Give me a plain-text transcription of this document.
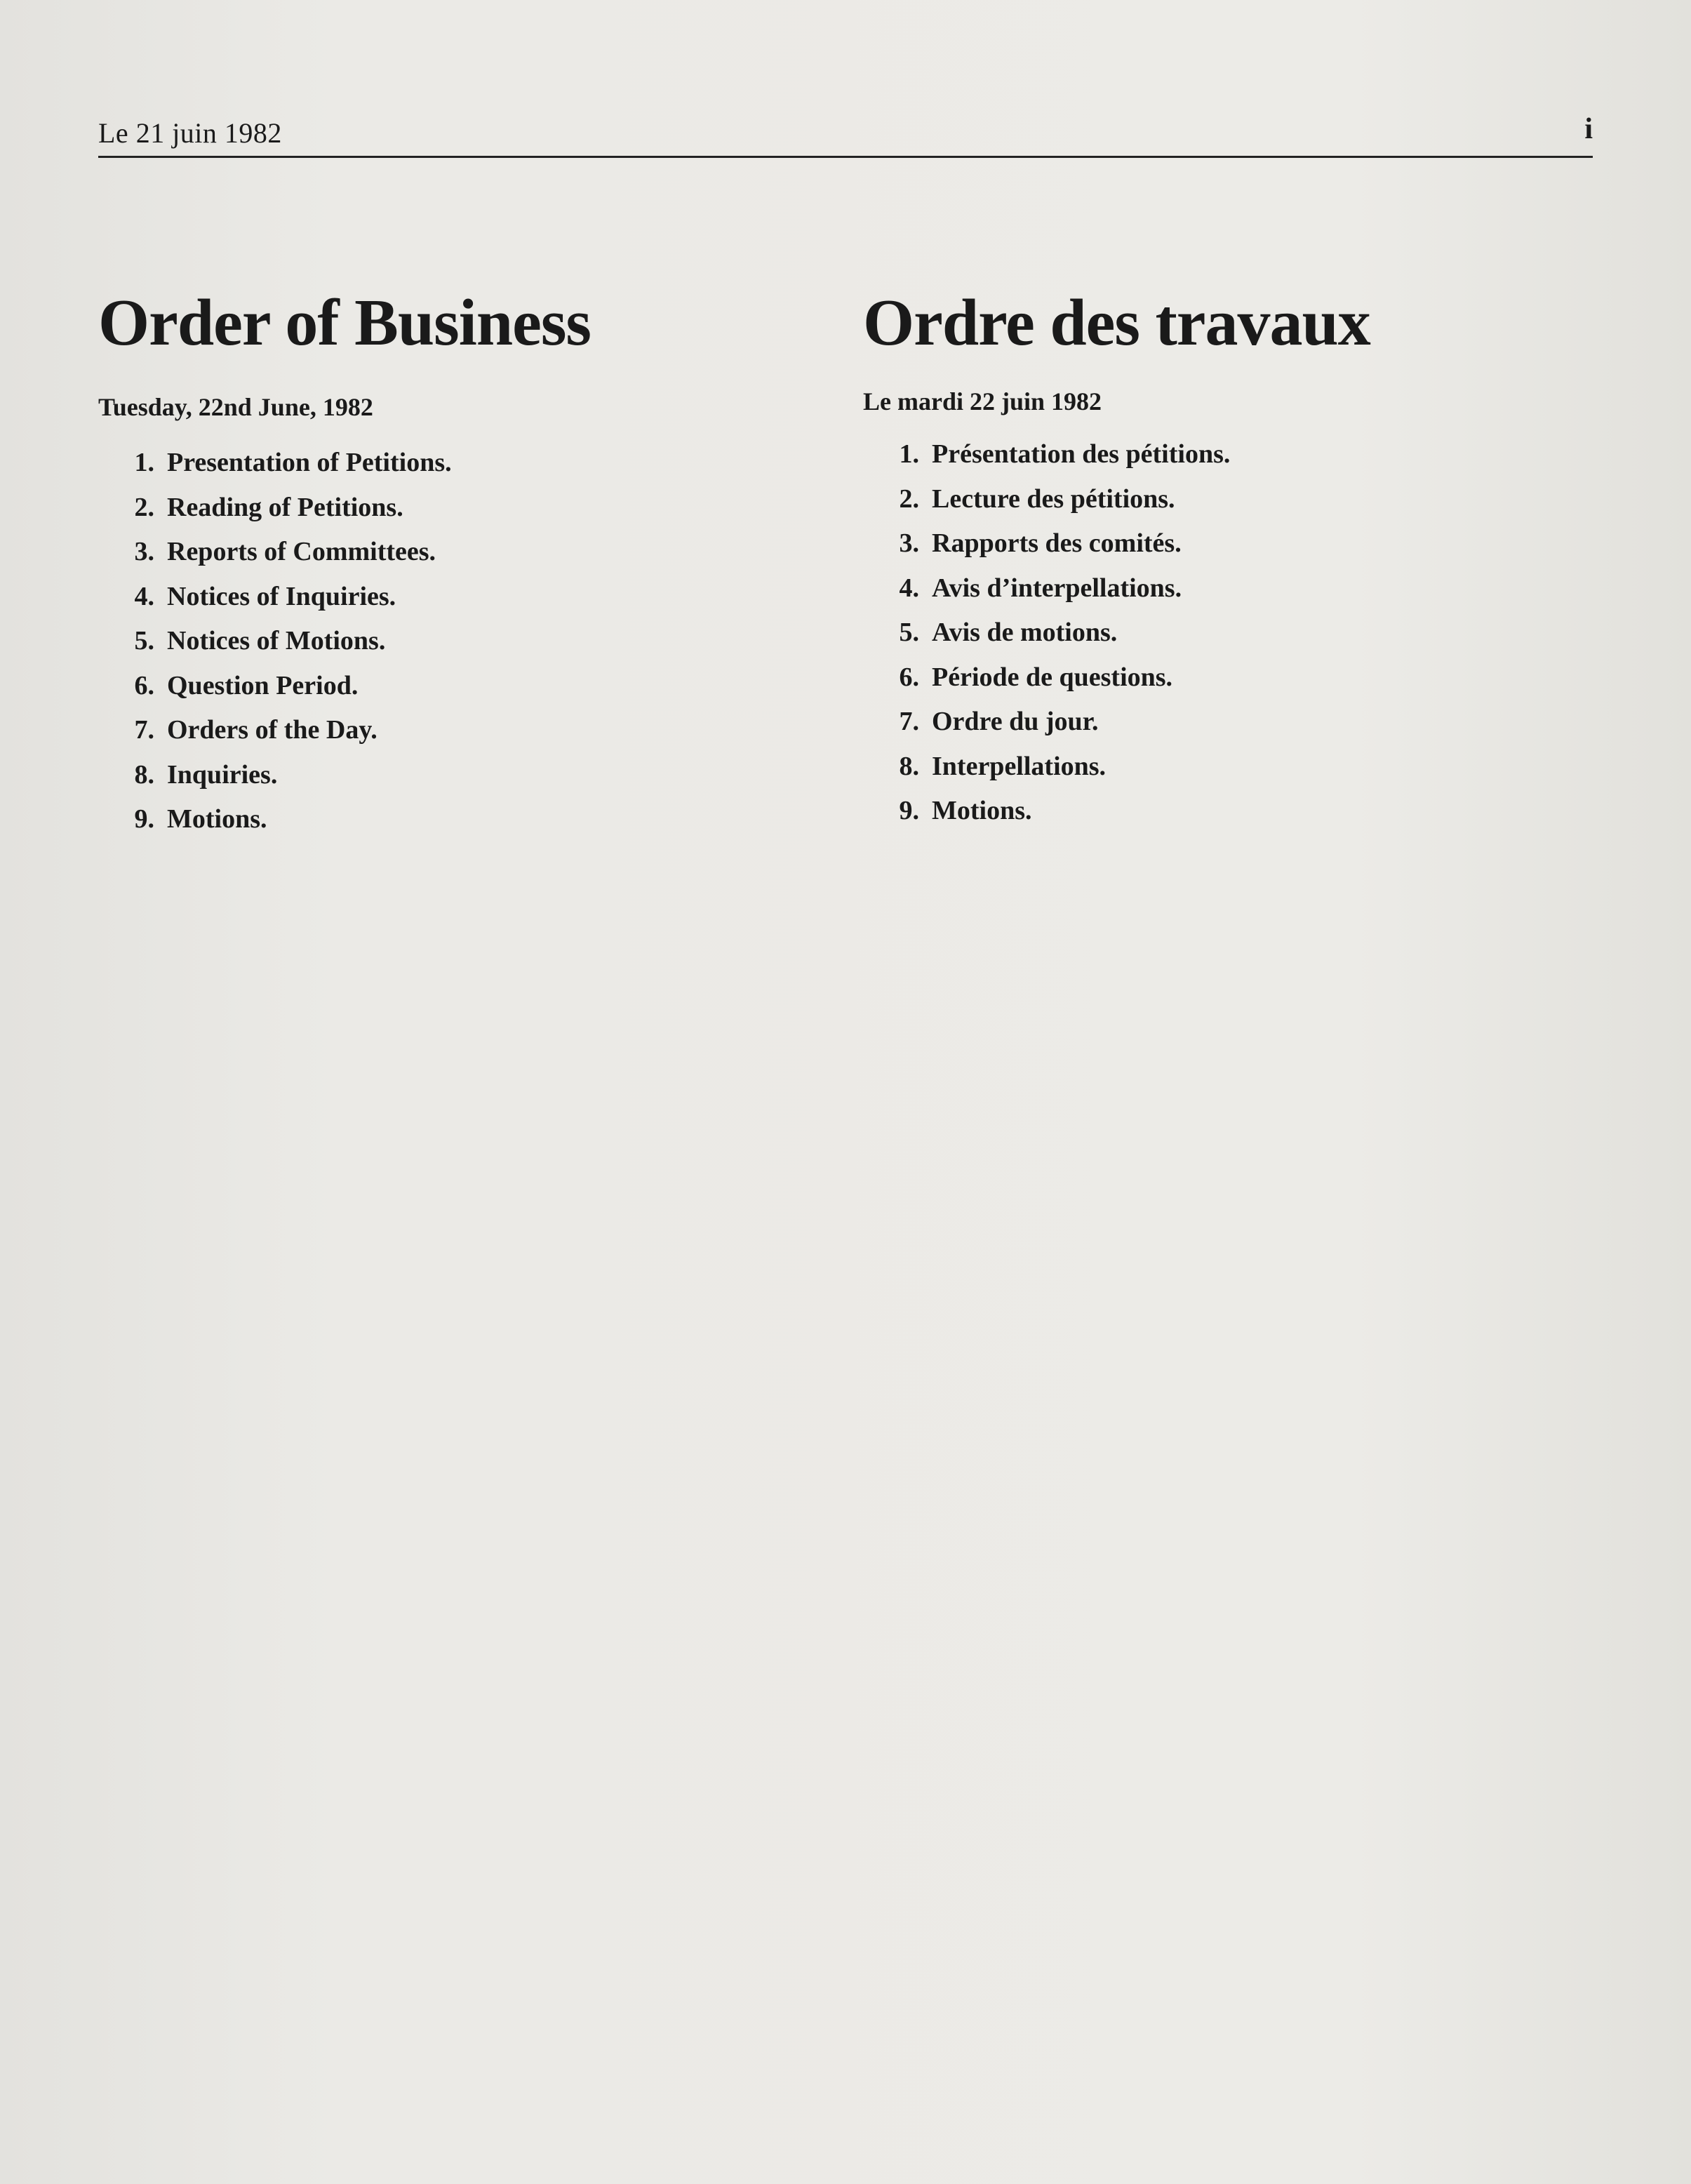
Le 21 juin 1982	i
Order of Business
Tuesday, 22nd June, 1982
1. Presentation of Petitions.
2. Reading of Petitions.
3. Reports of Committees.
4. Notices of Inquiries.
5. Notices of Motions.
6. Question Period.
7. Orders of the Day.
8. Inquiries.
9. Motions.
Ordre des travaux
Le mardi 22 juin 1982
1. Présentation des pétitions.
2. Lecture des pétitions.
3. Rapports des comités.
4. Avis d’interpellations.
5. Avis de motions.
6. Période de questions.
7. Ordre du jour.
8. Interpellations.
9. Motions.
